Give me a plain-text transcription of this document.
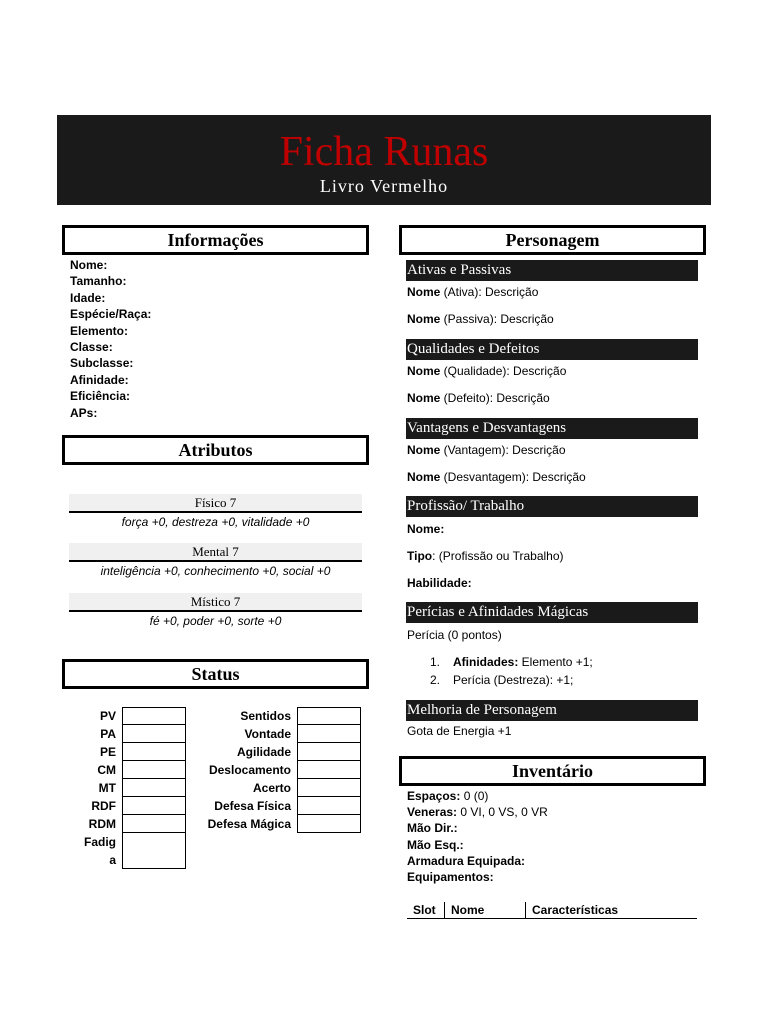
Ficha Runas
Livro Vermelho
Informações
Nome:
Tamanho:
Idade:
Espécie/Raça:
Elemento:
Classe:
Subclasse:
Afinidade:
Eficiência:
APs:
Atributos
Físico 7
força +0, destreza +0, vitalidade +0
Mental 7
inteligência +0, conhecimento +0, social +0
Místico 7
fé +0, poder +0, sorte +0
Status
PV
PA
PE
CM
MT
RDF
RDM
Fadig
a
Sentidos
Vontade
Agilidade
Deslocamento
Acerto
Defesa Física
Defesa Mágica
Personagem
Ativas e Passivas
Nome (Ativa): Descrição
Nome (Passiva): Descrição
Qualidades e Defeitos
Nome (Qualidade): Descrição
Nome (Defeito): Descrição
Vantagens e Desvantagens
Nome (Vantagem): Descrição
Nome (Desvantagem): Descrição
Profissão/ Trabalho
Nome:
Tipo: (Profissão ou Trabalho)
Habilidade:
Perícias e Afinidades Mágicas
Perícia (0 pontos)
1. Afinidades: Elemento +1;
2. Perícia (Destreza): +1;
Melhoria de Personagem
Gota de Energia +1
Inventário
Espaços: 0 (0)
Veneras: 0 VI, 0 VS, 0 VR
Mão Dir.:
Mão Esq.:
Armadura Equipada:
Equipamentos:
Slot Nome	Características
